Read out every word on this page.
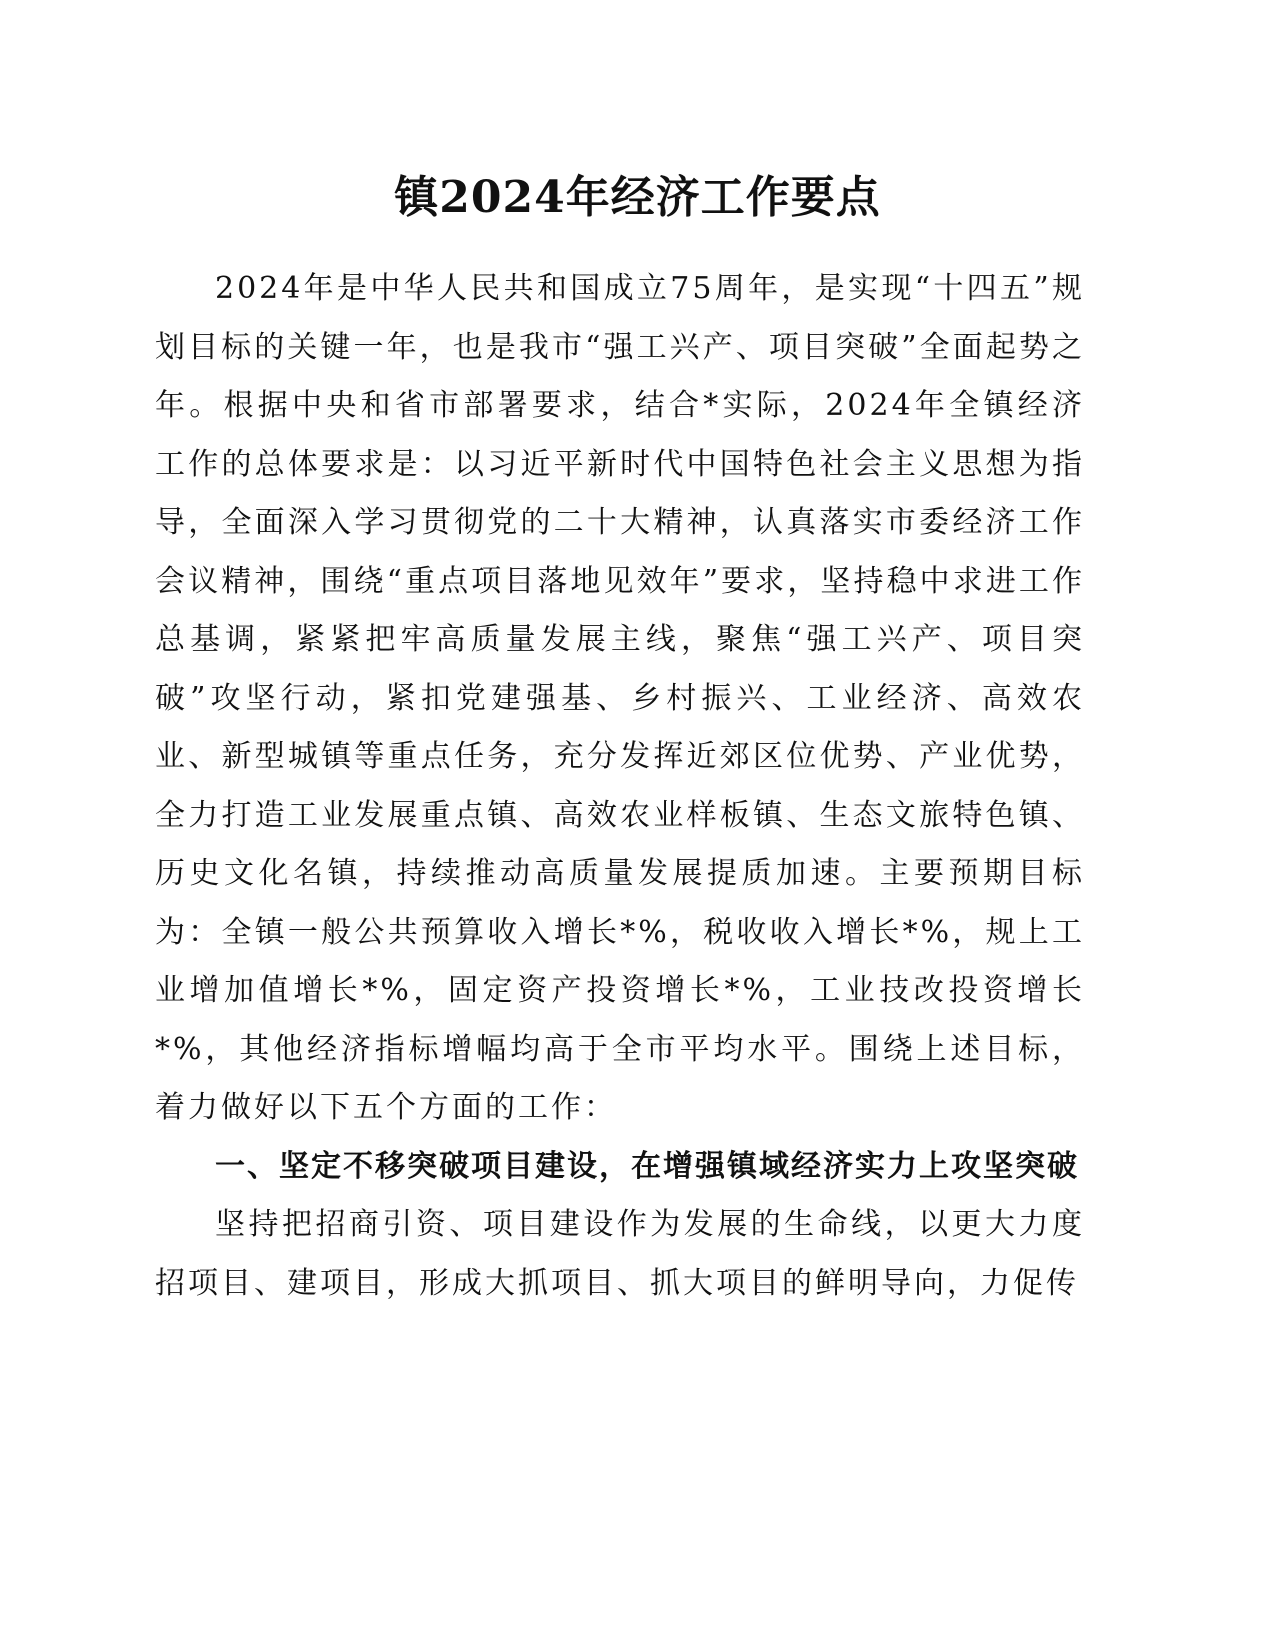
镇2024年经济工作要点

2024年是中华人民共和国成立75周年，是实现“十四五”规划目标的关键一年，也是我市“强工兴产、项目突破”全面起势之年。根据中央和省市部署要求，结合*实际，2024年全镇经济工作的总体要求是：以习近平新时代中国特色社会主义思想为指导，全面深入学习贯彻党的二十大精神，认真落实市委经济工作会议精神，围绕“重点项目落地见效年”要求，坚持稳中求进工作总基调，紧紧把牢高质量发展主线，聚焦“强工兴产、项目突破”攻坚行动，紧扣党建强基、乡村振兴、工业经济、高效农业、新型城镇等重点任务，充分发挥近郊区位优势、产业优势，全力打造工业发展重点镇、高效农业样板镇、生态文旅特色镇、历史文化名镇，持续推动高质量发展提质加速。主要预期目标为：全镇一般公共预算收入增长*%，税收收入增长*%，规上工业增加值增长*%，固定资产投资增长*%，工业技改投资增长*%，其他经济指标增幅均高于全市平均水平。围绕上述目标，着力做好以下五个方面的工作：

一、坚定不移突破项目建设，在增强镇域经济实力上攻坚突破

坚持把招商引资、项目建设作为发展的生命线，以更大力度招项目、建项目，形成大抓项目、抓大项目的鲜明导向，力促传
